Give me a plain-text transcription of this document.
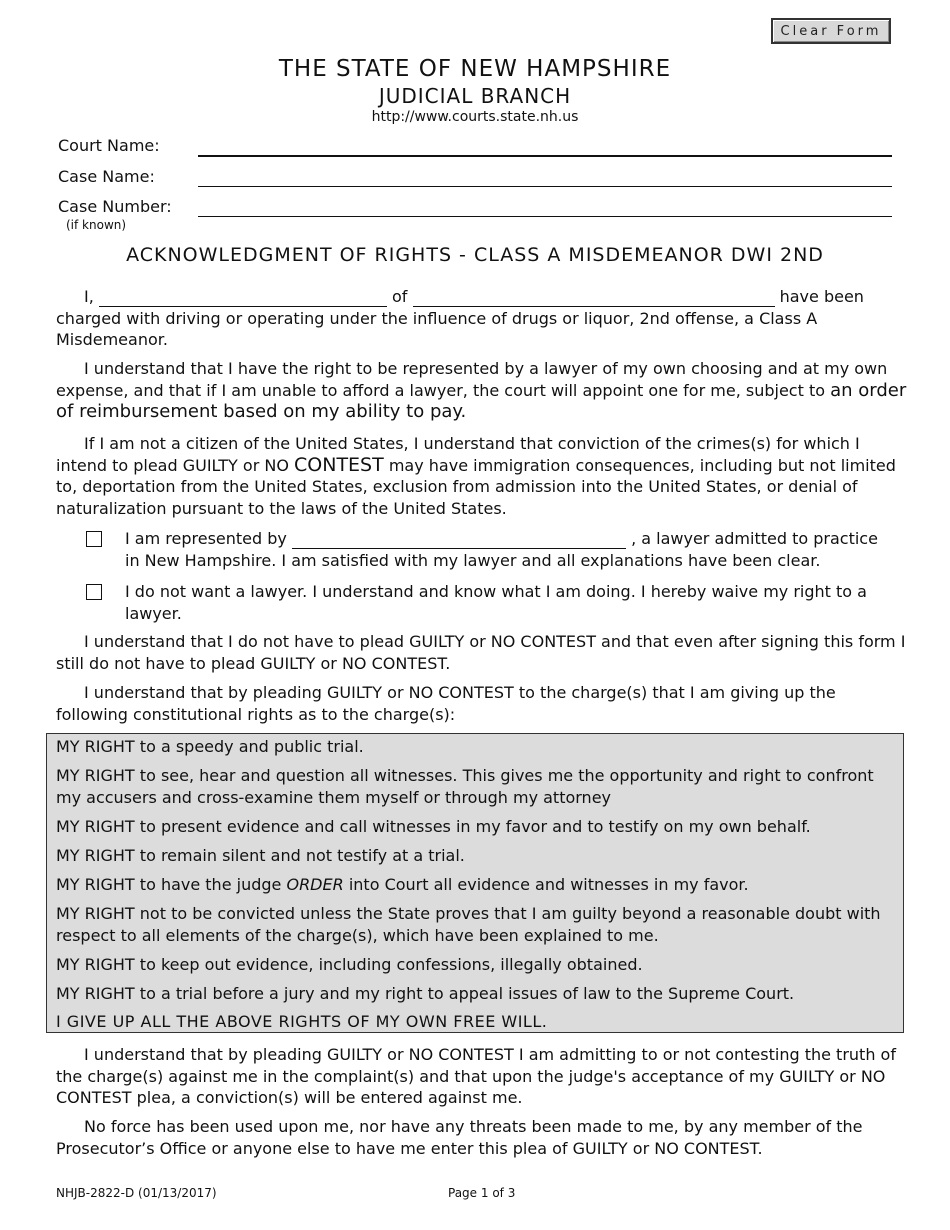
Clear Form
THE STATE OF NEW HAMPSHIRE
JUDICIAL BRANCH
http://www.courts.state.nh.us
Court Name:
Case Name:
Case Number:
(if known)
ACKNOWLEDGMENT OF RIGHTS - CLASS A MISDEMEANOR DWI 2ND
I,	of	have been charged with driving or operating under the influence of drugs or liquor, 2nd offense, a Class A Misdemeanor.
I understand that I have the right to be represented by a lawyer of my own choosing and at my own expense, and that if I am unable to afford a lawyer, the court will appoint one for me, subject to an order of reimbursement based on my ability to pay.
If I am not a citizen of the United States, I understand that conviction of the crimes(s) for which I intend to plead GUILTY or NO CONTEST may have immigration consequences, including but not limited to, deportation from the United States, exclusion from admission into the United States, or denial of naturalization pursuant to the laws of the United States.
I am represented by	, a lawyer admitted to practice
in New Hampshire. I am satisfied with my lawyer and all explanations have been clear.
I do not want a lawyer. I understand and know what I am doing. I hereby waive my right to a lawyer.
I understand that I do not have to plead GUILTY or NO CONTEST and that even after signing this form I still do not have to plead GUILTY or NO CONTEST.
I understand that by pleading GUILTY or NO CONTEST to the charge(s) that I am giving up the following constitutional rights as to the charge(s):
MY RIGHT to a speedy and public trial.
MY RIGHT to see, hear and question all witnesses. This gives me the opportunity and right to confront my accusers and cross-examine them myself or through my attorney
MY RIGHT to present evidence and call witnesses in my favor and to testify on my own behalf.
MY RIGHT to remain silent and not testify at a trial.
MY RIGHT to have the judge ORDER into Court all evidence and witnesses in my favor.
MY RIGHT not to be convicted unless the State proves that I am guilty beyond a reasonable doubt with respect to all elements of the charge(s), which have been explained to me.
MY RIGHT to keep out evidence, including confessions, illegally obtained.
MY RIGHT to a trial before a jury and my right to appeal issues of law to the Supreme Court.
I GIVE UP ALL THE ABOVE RIGHTS OF MY OWN FREE WILL.
I understand that by pleading GUILTY or NO CONTEST I am admitting to or not contesting the truth of the charge(s) against me in the complaint(s) and that upon the judge's acceptance of my GUILTY or NO CONTEST plea, a conviction(s) will be entered against me.
No force has been used upon me, nor have any threats been made to me, by any member of the Prosecutor’s Office or anyone else to have me enter this plea of GUILTY or NO CONTEST.
NHJB-2822-D (01/13/2017)	Page 1 of 3
